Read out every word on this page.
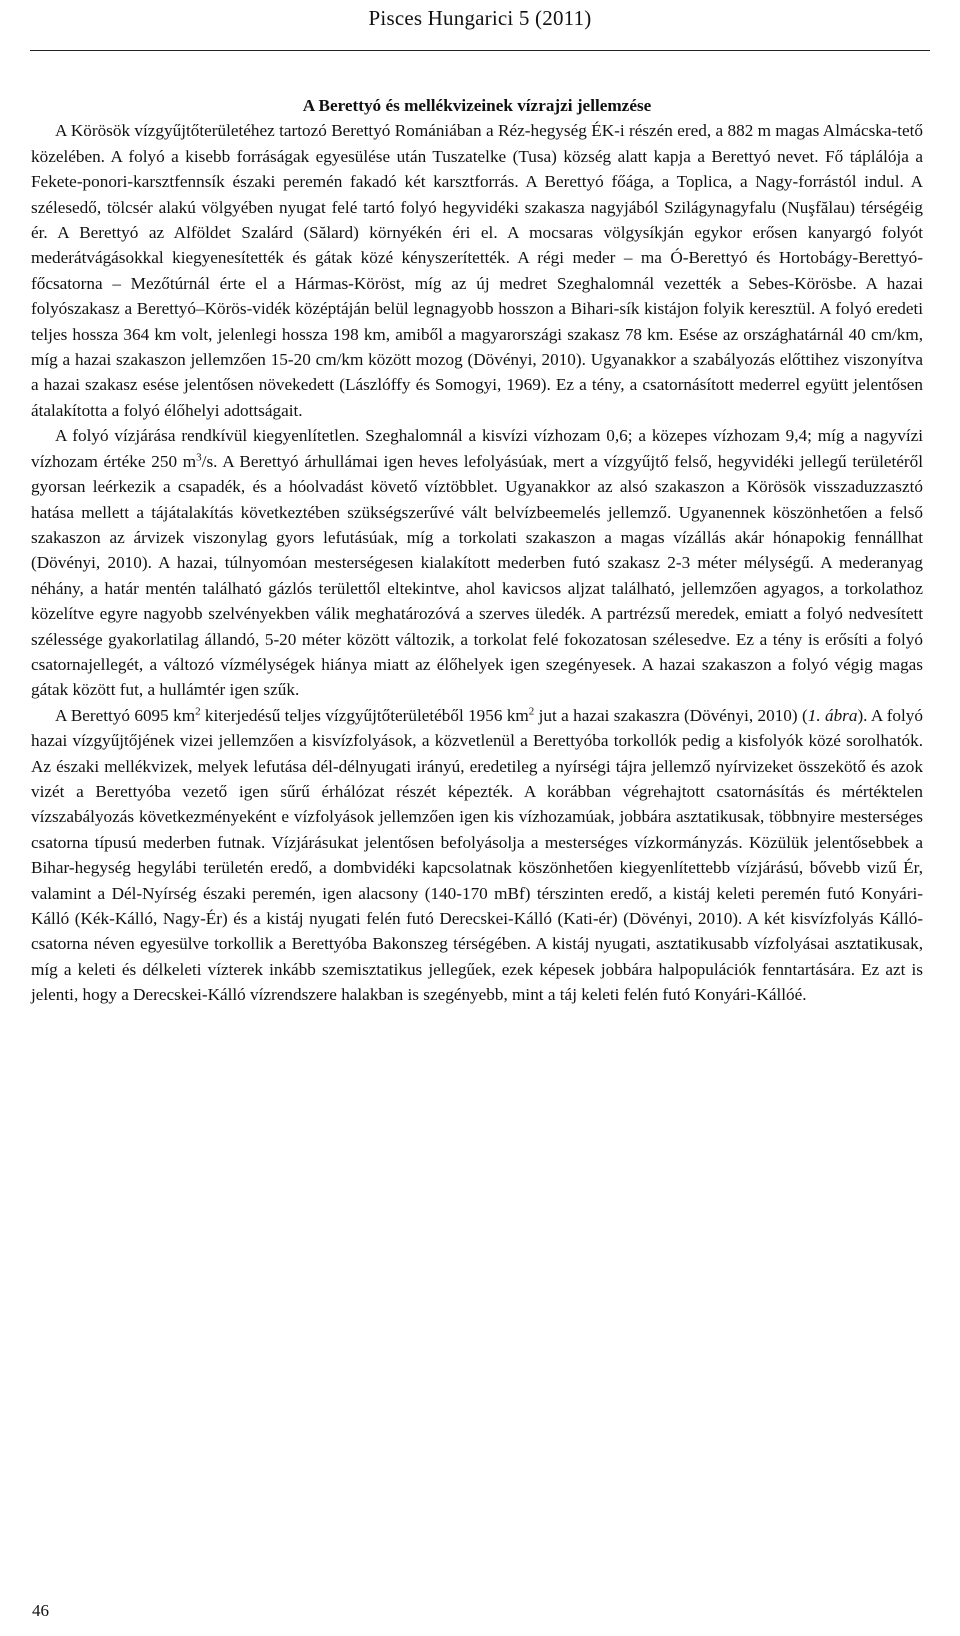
Pisces Hungarici 5 (2011)

A Berettyó és mellékvizeinek vízrajzi jellemzése

A Körösök vízgyűjtőterületéhez tartozó Berettyó Romániában a Réz-hegység ÉK-i részén ered, a 882 m magas Almácska-tető közelében. A folyó a kisebb forráságak egyesülése után Tuszatelke (Tusa) község alatt kapja a Berettyó nevet. Fő táplálója a Fekete-ponori-karsztfennsík északi peremén fakadó két karsztforrás. A Berettyó főága, a Toplica, a Nagy-forrástól indul. A szélesedő, tölcsér alakú völgyében nyugat felé tartó folyó hegyvidéki szakasza nagyjából Szilágynagyfalu (Nuşfălau) térségéig ér. A Berettyó az Alföldet Szalárd (Sălard) környékén éri el. A mocsaras völgysíkján egykor erősen kanyargó folyót mederátvágásokkal kiegyenesítették és gátak közé kényszerítették. A régi meder – ma Ó-Berettyó és Hortobágy-Berettyó-főcsatorna – Mezőtúrnál érte el a Hármas-Köröst, míg az új medret Szeghalomnál vezették a Sebes-Körösbe. A hazai folyószakasz a Berettyó–Körös-vidék középtáján belül legnagyobb hosszon a Bihari-sík kistájon folyik keresztül. A folyó eredeti teljes hossza 364 km volt, jelenlegi hossza 198 km, amiből a magyarországi szakasz 78 km. Esése az országhatárnál 40 cm/km, míg a hazai szakaszon jellemzően 15-20 cm/km között mozog (Dövényi, 2010). Ugyanakkor a szabályozás előttihez viszonyítva a hazai szakasz esése jelentősen növekedett (Lászlóffy és Somogyi, 1969). Ez a tény, a csatornásított mederrel együtt jelentősen átalakította a folyó élőhelyi adottságait.

A folyó vízjárása rendkívül kiegyenlítetlen. Szeghalomnál a kisvízi vízhozam 0,6; a közepes vízhozam 9,4; míg a nagyvízi vízhozam értéke 250 $m^3/s$. A Berettyó árhullámai igen heves lefolyásúak, mert a vízgyűjtő felső, hegyvidéki jellegű területéről gyorsan leérkezik a csapadék, és a hóolvadást követő víztöbblet. Ugyanakkor az alsó szakaszon a Körösök visszaduzzasztó hatása mellett a tájátalakítás következtében szükségszerűvé vált belvízbeemelés jellemző. Ugyanennek köszönhetően a felső szakaszon az árvizek viszonylag gyors lefutásúak, míg a torkolati szakaszon a magas vízállás akár hónapokig fennállhat (Dövényi, 2010). A hazai, túlnyomóan mesterségesen kialakított mederben futó szakasz 2-3 méter mélységű. A mederanyag néhány, a határ mentén található gázlós területtől eltekintve, ahol kavicsos aljzat található, jellemzően agyagos, a torkolathoz közelítve egyre nagyobb szelvényekben válik meghatározóvá a szerves üledék. A partrézsű meredek, emiatt a folyó nedvesített szélessége gyakorlatilag állandó, 5-20 méter között változik, a torkolat felé fokozatosan szélesedve. Ez a tény is erősíti a folyó csatornajellegét, a változó vízmélységek hiánya miatt az élőhelyek igen szegényesek. A hazai szakaszon a folyó végig magas gátak között fut, a hullámtér igen szűk.

A Berettyó 6095 $km^2$ kiterjedésű teljes vízgyűjtőterületéből 1956 $km^2$ jut a hazai szakaszra (Dövényi, 2010) (1. ábra). A folyó hazai vízgyűjtőjének vizei jellemzően a kisvízfolyások, a közvetlenül a Berettyóba torkollók pedig a kisfolyók közé sorolhatók. Az északi mellékvizek, melyek lefutása dél-délnyugati irányú, eredetileg a nyírségi tájra jellemző nyírvizeket összekötő és azok vizét a Berettyóba vezető igen sűrű érhálózat részét képezték. A korábban végrehajtott csatornásítás és mértéktelen vízszabályozás következményeként e vízfolyások jellemzően igen kis vízhozamúak, jobbára asztatikusak, többnyire mesterséges csatorna típusú mederben futnak. Vízjárásukat jelentősen befolyásolja a mesterséges vízkormányzás. Közülük jelentősebbek a Bihar-hegység hegylábi területén eredő, a dombvidéki kapcsolatnak köszönhetően kiegyenlítettebb vízjárású, bővebb vizű Ér, valamint a Dél-Nyírség északi peremén, igen alacsony (140-170 mBf) térszinten eredő, a kistáj keleti peremén futó Konyári-Kálló (Kék-Kálló, Nagy-Ér) és a kistáj nyugati felén futó Derecskei-Kálló (Kati-ér) (Dövényi, 2010). A két kisvízfolyás Kálló-csatorna néven egyesülve torkollik a Berettyóba Bakonszeg térségében. A kistáj nyugati, asztatikusabb vízfolyásai asztatikusak, míg a keleti és délkeleti vízterek inkább szemisztatikus jellegűek, ezek képesek jobbára halpopulációk fenntartására. Ez azt is jelenti, hogy a Derecskei-Kálló vízrendszere halakban is szegényebb, mint a táj keleti felén futó Konyári-Kállóé.

46
